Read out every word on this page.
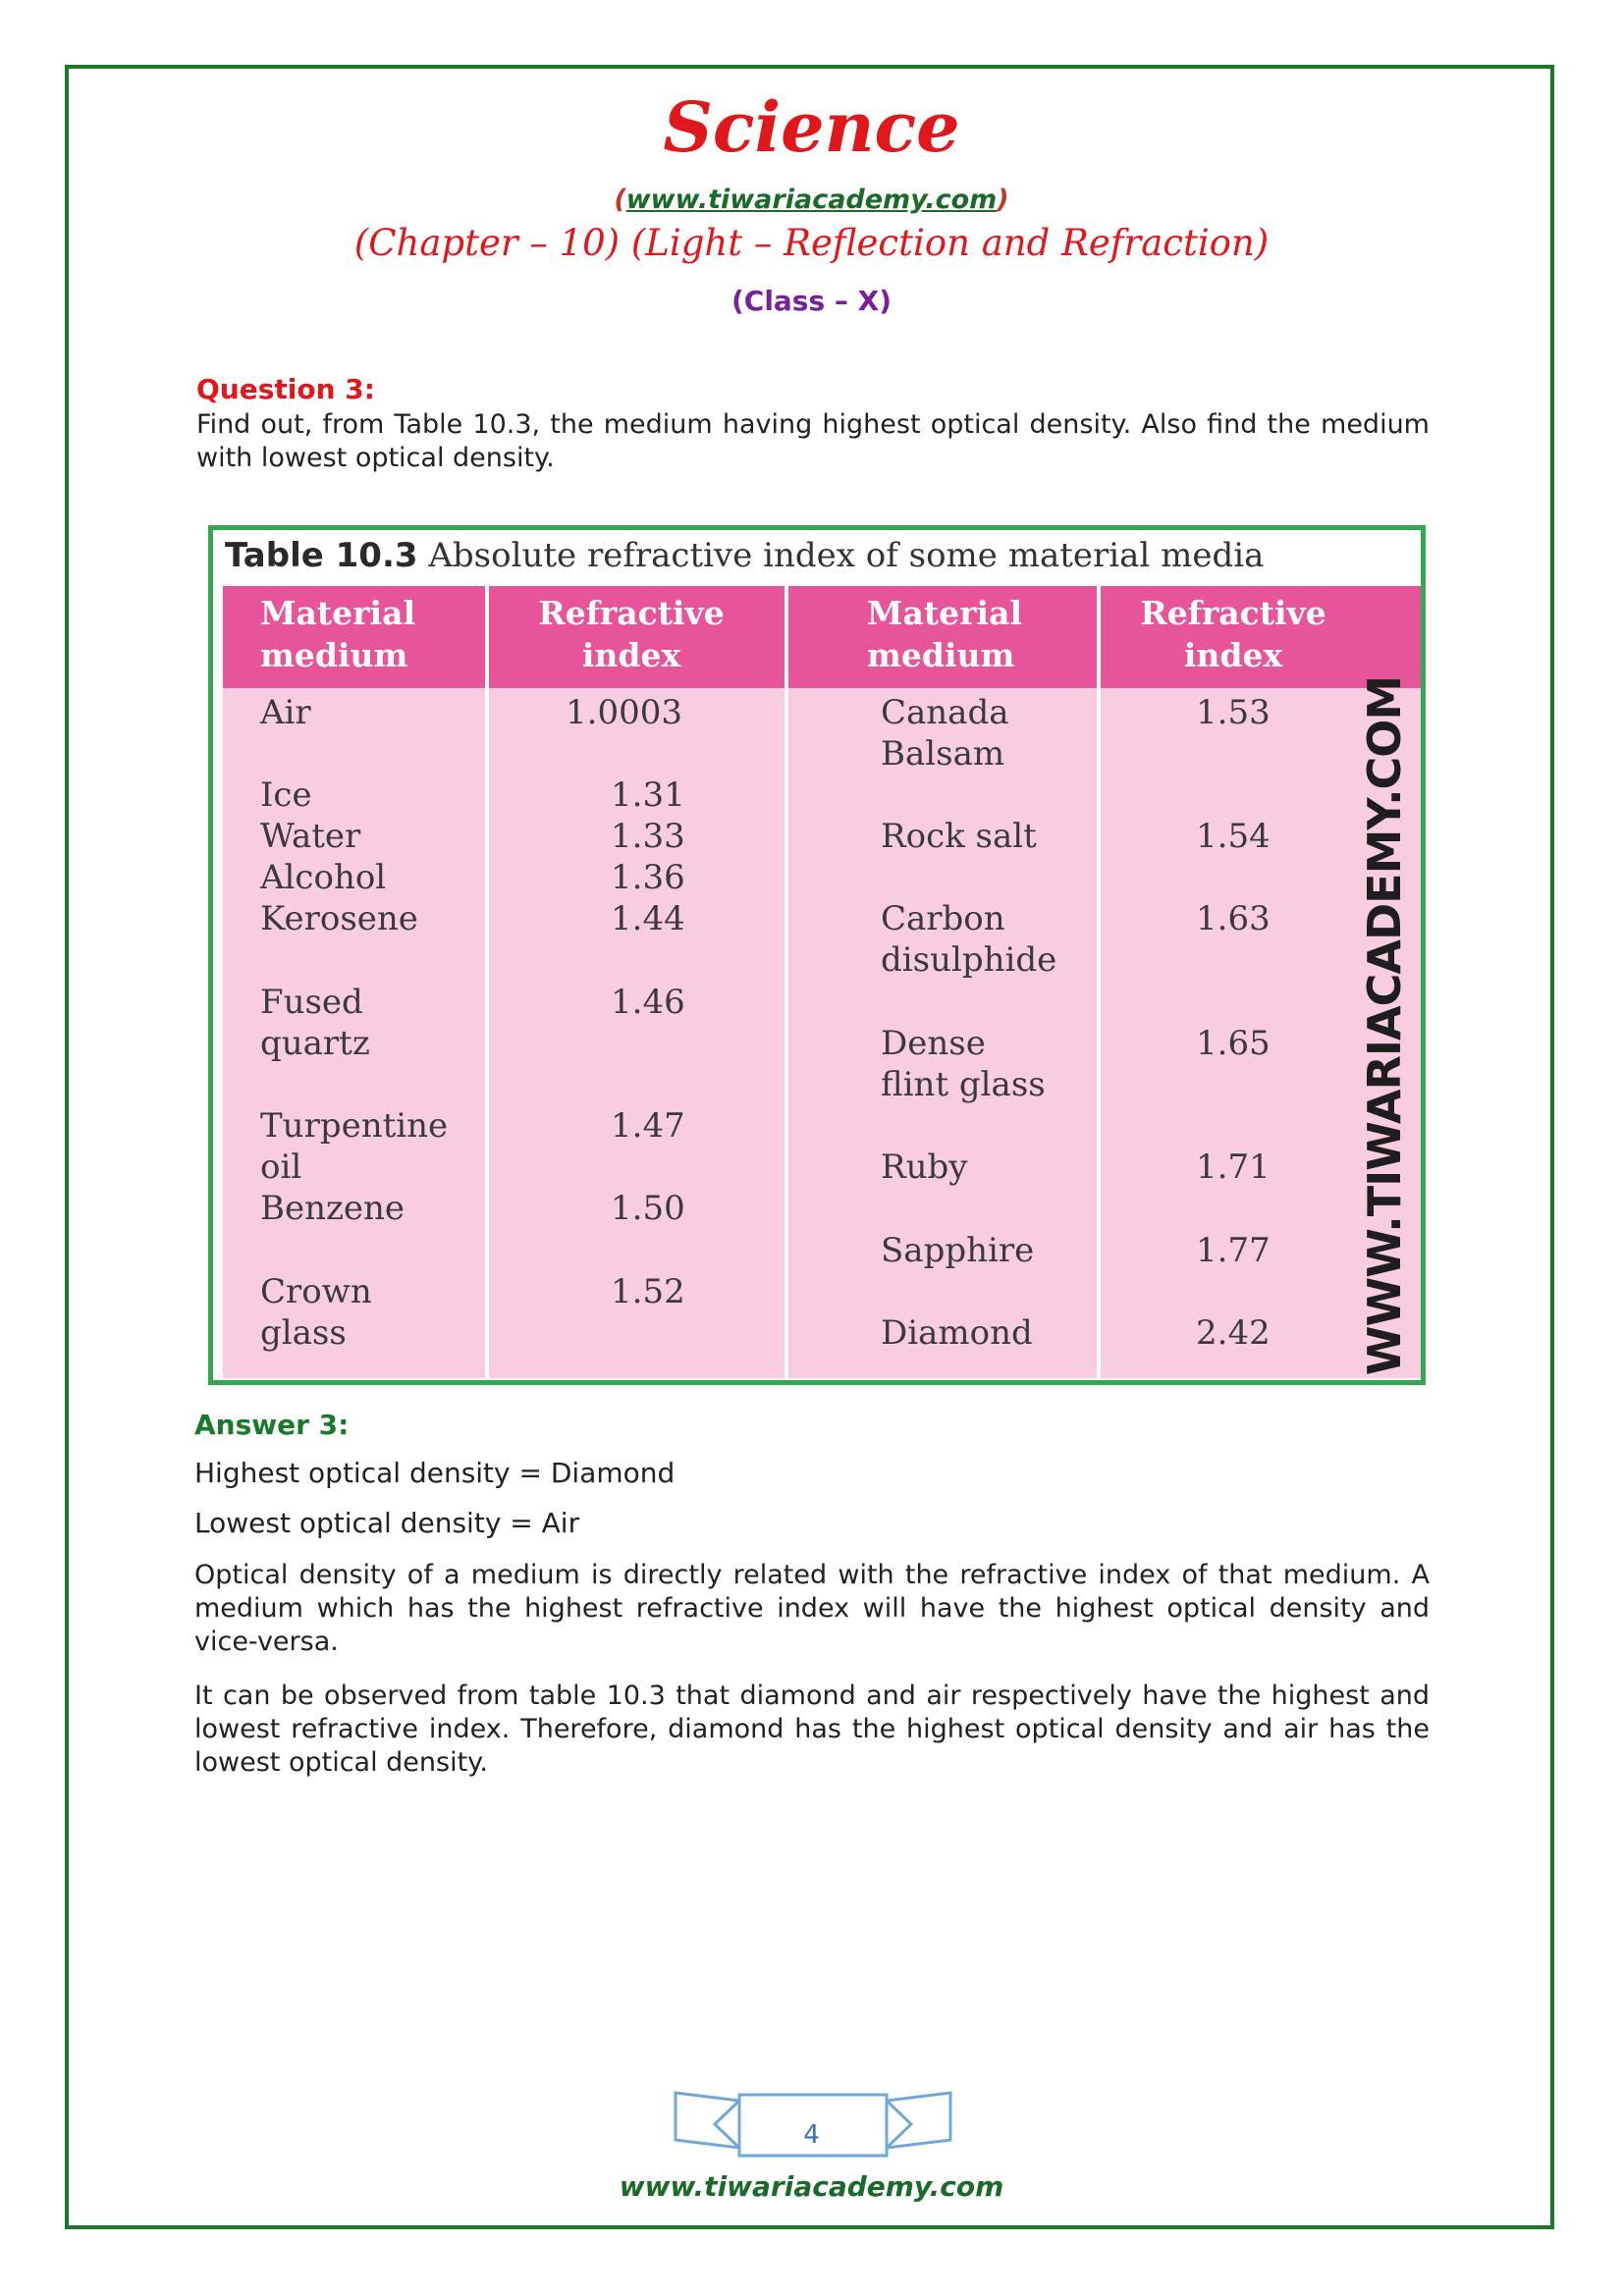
Science
(www.tiwariacademy.com)
(Chapter – 10) (Light – Reflection and Refraction)
(Class – X)
Question 3:
Find out, from Table 10.3, the medium having highest optical density. Also find the medium with lowest optical density.
Table 10.3 Absolute refractive index of some material media
Material
medium
Air
Ice
Water
Alcohol
Kerosene
Fused
quartz
Turpentine
oil
Benzene
Crown
glass
Refractive
index
1.0003
1.31
1.33
1.36
1.44
1.46
1.47
1.50
1.52
Material
medium
Canada
Balsam
Rock salt
Carbon
disulphide
Dense
flint glass
Ruby
Sapphire
Diamond
Refractive
index
1.53
1.54
1.63
1.65
1.71
1.77
2.42 WWW.TIWARIACADEMY.COM
Answer 3:
Highest optical density = Diamond
Lowest optical density = Air
Optical density of a medium is directly related with the refractive index of that medium. A medium which has the highest refractive index will have the highest optical density and vice-versa.
It can be observed from table 10.3 that diamond and air respectively have the highest and lowest refractive index. Therefore, diamond has the highest optical density and air has the lowest optical density.
4
www.tiwariacademy.com
